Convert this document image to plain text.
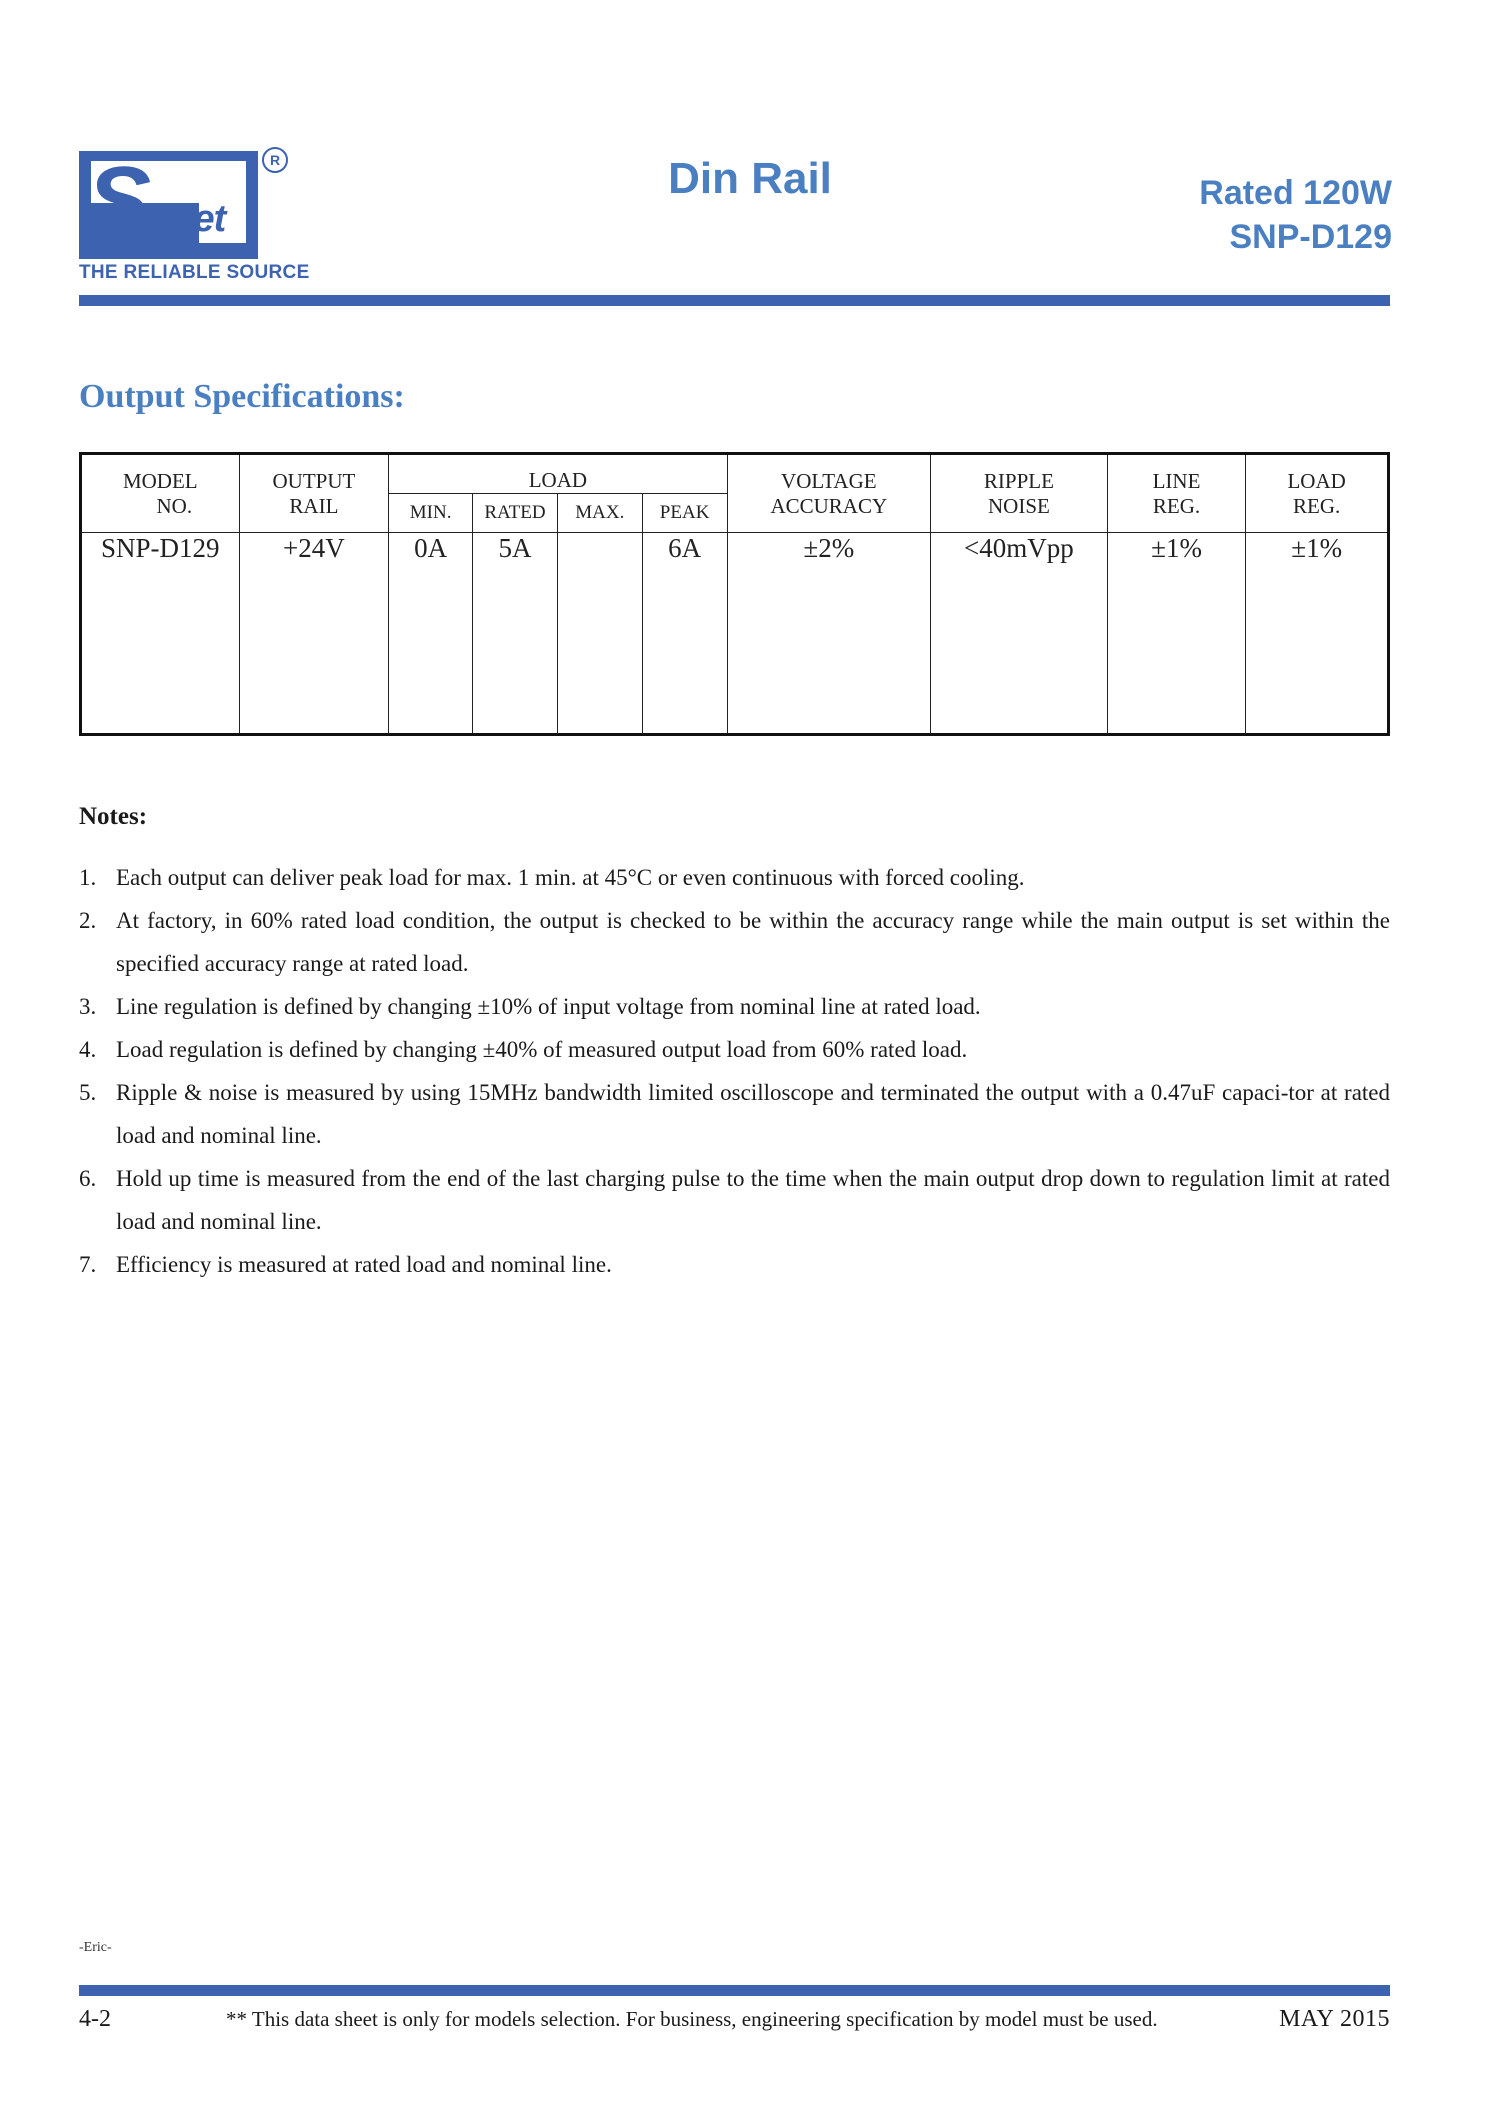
S
kynet
R
THE RELIABLE SOURCE
Din Rail	Rated 120W
SNP-D129
Output Specifications:
MODEL	OUTPUT	LOAD				VOLTAGE	RIPPLE	LINE	LOAD
NO.	RAIL	MIN.	RATED	MAX.	PEAK	ACCURACY	NOISE	REG.	REG.
SNP-D129	+24V	0A	5A		6A	±2%	<40mVpp	±1%	±1%
Notes:
1. Each output can deliver peak load for max. 1 min. at 45°C or even continuous with forced cooling.
2. At factory, in 60% rated load condition, the output is checked to be within the accuracy range while the main output is set within the specified accuracy range at rated load.
3. Line regulation is defined by changing ±10% of input voltage from nominal line at rated load.
4. Load regulation is defined by changing ±40% of measured output load from 60% rated load.
5. Ripple & noise is measured by using 15MHz bandwidth limited oscilloscope and terminated the output with a 0.47uF capaci-tor at rated load and nominal line.
6. Hold up time is measured from the end of the last charging pulse to the time when the main output drop down to regulation limit at rated load and nominal line.
7. Efficiency is measured at rated load and nominal line.
-Eric-
4-2	** This data sheet is only for models selection. For business, engineering specification by model must be used.	MAY 2015
